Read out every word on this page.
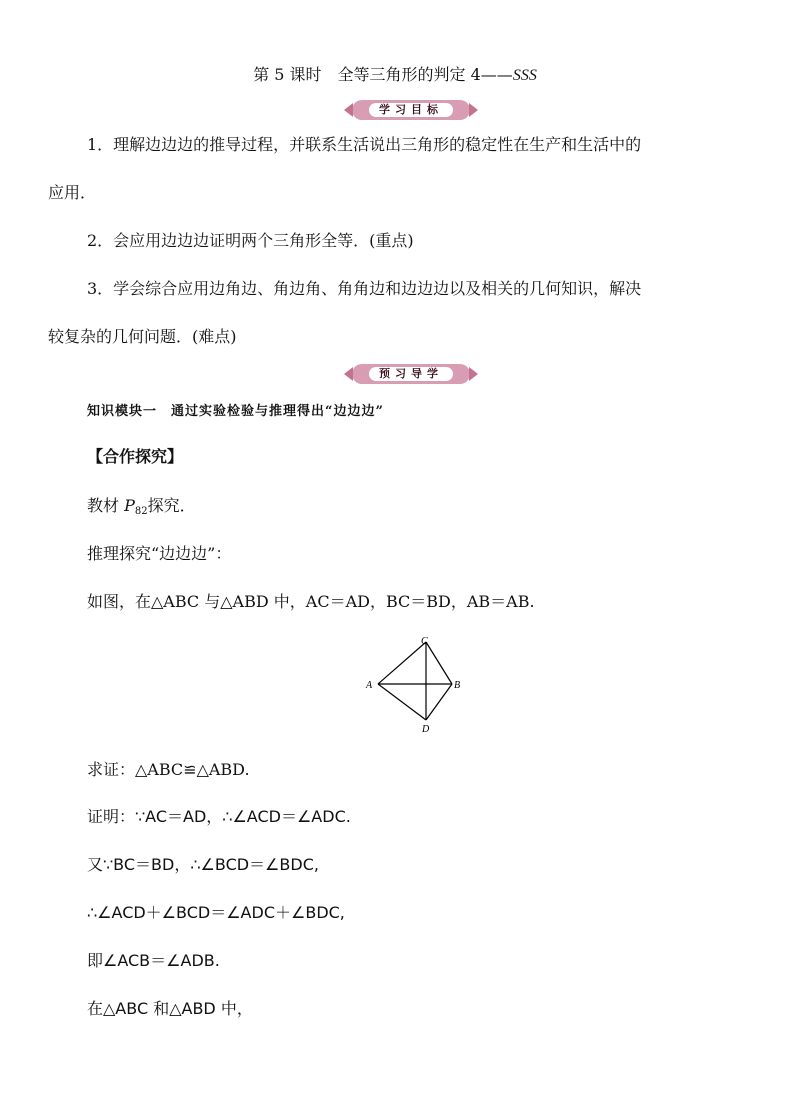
第 5 课时　全等三角形的判定 4——SSS
学习目标
1．理解边边边的推导过程，并联系生活说出三角形的稳定性在生产和生活中的
应用．
2．会应用边边边证明两个三角形全等．(重点)
3．学会综合应用边角边、角边角、角角边和边边边以及相关的几何知识，解决
较复杂的几何问题．(难点)
预习导学
知识模块一　通过实验检验与推理得出“边边边”
【合作探究】
教材 $P_{82}$探究．
推理探究“边边边”：
如图，在△ABC 与△ABD 中，AC＝AD，BC＝BD，AB＝AB.
C
A	B
D
求证：△ABC≌△ABD.
证明：∵AC＝AD，∴∠ACD＝∠ADC.
又∵BC＝BD，∴∠BCD＝∠BDC,
∴∠ACD＋∠BCD＝∠ADC＋∠BDC,
即∠ACB＝∠ADB.
在△ABC 和△ABD 中，
